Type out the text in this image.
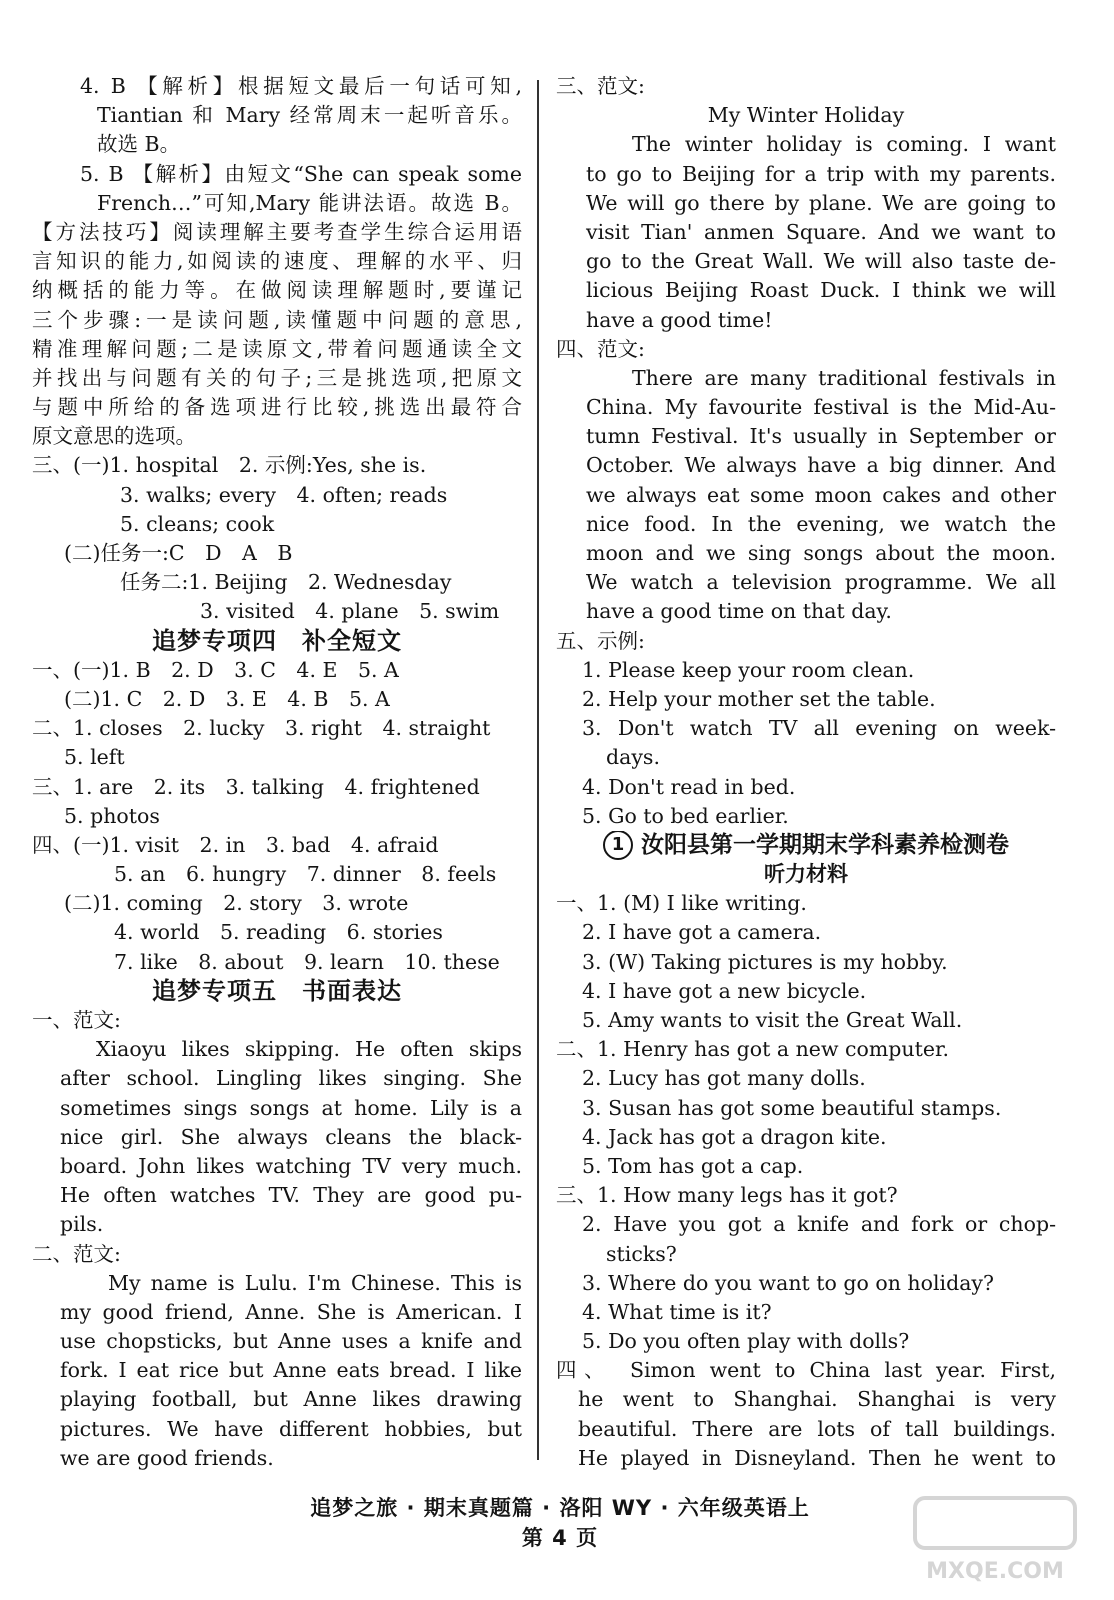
4. B 【解析】根据短文最后一句话可知,
Tiantian 和 Mary 经常周末一起听音乐。
故选 B。
5. B 【解析】由短文“She can speak some
French…”可知,Mary 能讲法语。故选 B。
【方法技巧】阅读理解主要考查学生综合运用语
言知识的能力,如阅读的速度、理解的水平、归
纳概括的能力等。在做阅读理解题时,要谨记
三个步骤:一是读问题,读懂题中问题的意思,
精准理解问题;二是读原文,带着问题通读全文
并找出与问题有关的句子;三是挑选项,把原文
与题中所给的备选项进行比较,挑选出最符合
原文意思的选项。
三、(一)1. hospital　2. 示例:Yes, she is.
3. walks; every　4. often; reads
5. cleans; cook
(二)任务一:C　D　A　B
任务二:1. Beijing　2. Wednesday
3. visited　4. plane　5. swim
追梦专项四　补全短文
一、(一)1. B　2. D　3. C　4. E　5. A
(二)1. C　2. D　3. E　4. B　5. A
二、1. closes　2. lucky　3. right　4. straight
5. left
三、1. are　2. its　3. talking　4. frightened
5. photos
四、(一)1. visit　2. in　3. bad　4. afraid
5. an　6. hungry　7. dinner　8. feels
(二)1. coming　2. story　3. wrote
4. world　5. reading　6. stories
7. like　8. about　9. learn　10. these
追梦专项五　书面表达
一、范文:
Xiaoyu likes skipping. He often skips
after school. Lingling likes singing. She
sometimes sings songs at home. Lily is a
nice girl. She always cleans the black-
board. John likes watching TV very much.
He often watches TV. They are good pu-
pils.
二、范文:
My name is Lulu. I'm Chinese. This is
my good friend, Anne. She is American. I
use chopsticks, but Anne uses a knife and
fork. I eat rice but Anne eats bread. I like
playing football, but Anne likes drawing
pictures. We have different hobbies, but
we are good friends.
三、范文:
My Winter Holiday
The winter holiday is coming. I want
to go to Beijing for a trip with my parents.
We will go there by plane. We are going to
visit Tian' anmen Square. And we want to
go to the Great Wall. We will also taste de-
licious Beijing Roast Duck. I think we will
have a good time!
四、范文:
There are many traditional festivals in
China. My favourite festival is the Mid-Au-
tumn Festival. It's usually in September or
October. We always have a big dinner. And
we always eat some moon cakes and other
nice food. In the evening, we watch the
moon and we sing songs about the moon.
We watch a television programme. We all
have a good time on that day.
五、示例:
1. Please keep your room clean.
2. Help your mother set the table.
3. Don't watch TV all evening on week-
days.
4. Don't read in bed.
5. Go to bed earlier.
1 汝阳县第一学期期末学科素养检测卷
听力材料
一、1. (M) I like writing.
2. I have got a camera.
3. (W) Taking pictures is my hobby.
4. I have got a new bicycle.
5. Amy wants to visit the Great Wall.
二、1. Henry has got a new computer.
2. Lucy has got many dolls.
3. Susan has got some beautiful stamps.
4. Jack has got a dragon kite.
5. Tom has got a cap.
三、1. How many legs has it got?
2. Have you got a knife and fork or chop-
sticks?
3. Where do you want to go on holiday?
4. What time is it?
5. Do you often play with dolls?
四、　Simon went to China last year. First,
he went to Shanghai. Shanghai is very
beautiful. There are lots of tall buildings.
He played in Disneyland. Then he went to
追梦之旅 · 期末真题篇 · 洛阳 WY · 六年级英语上　第 4 页
MXQE.COM
